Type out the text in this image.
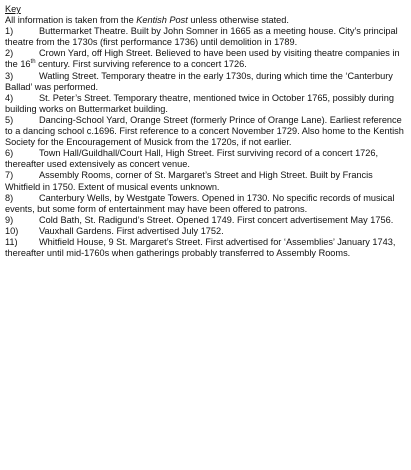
Key

All information is taken from the Kentish Post unless otherwise stated.

1)	Buttermarket Theatre. Built by John Somner in 1665 as a meeting house. City’s principal theatre from the 1730s (first performance 1736) until demolition in 1789.

2)	Crown Yard, off High Street. Believed to have been used by visiting theatre companies in the 16th century. First surviving reference to a concert 1726.

3)	Watling Street. Temporary theatre in the early 1730s, during which time the ‘Canterbury Ballad’ was performed.

4)	St. Peter’s Street. Temporary theatre, mentioned twice in October 1765, possibly during building works on Buttermarket building.

5)	Dancing-School Yard, Orange Street (formerly Prince of Orange Lane). Earliest reference to a dancing school c.1696. First reference to a concert November 1729. Also home to the Kentish Society for the Encouragement of Musick from the 1720s, if not earlier.

6)	Town Hall/Guildhall/Court Hall, High Street. First surviving record of a concert 1726, thereafter used extensively as concert venue.

7)	Assembly Rooms, corner of St. Margaret’s Street and High Street. Built by Francis Whitfield in 1750. Extent of musical events unknown.

8)	Canterbury Wells, by Westgate Towers. Opened in 1730. No specific records of musical events, but some form of entertainment may have been offered to patrons.

9)	Cold Bath, St. Radigund’s Street. Opened 1749. First concert advertisement May 1756.

10) Vauxhall Gardens. First advertised July 1752.

11) Whitfield House, 9 St. Margaret’s Street. First advertised for ‘Assemblies’ January 1743, thereafter until mid-1760s when gatherings probably transferred to Assembly Rooms.
